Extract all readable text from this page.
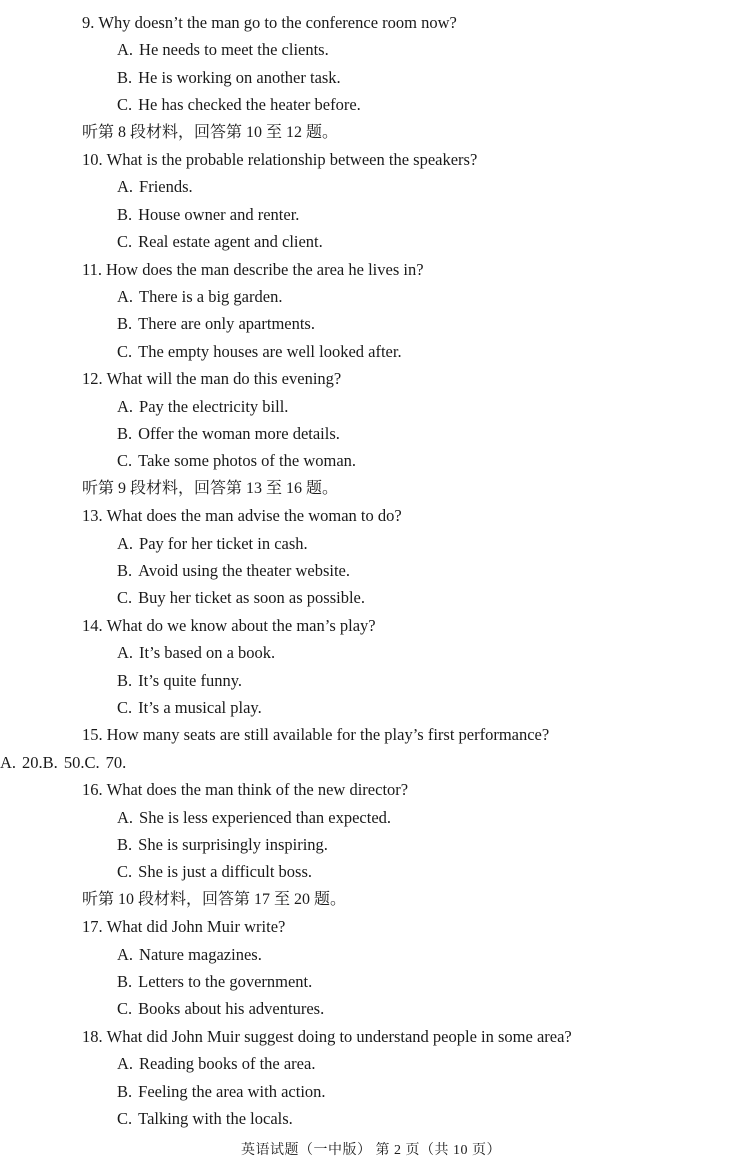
9. Why doesn’t the man go to the conference room now?
A. He needs to meet the clients.
B. He is working on another task.
C. He has checked the heater before.
听第 8 段材料，回答第 10 至 12 题。
10. What is the probable relationship between the speakers?
A. Friends.
B. House owner and renter.
C. Real estate agent and client.
11. How does the man describe the area he lives in?
A. There is a big garden.
B. There are only apartments.
C. The empty houses are well looked after.
12. What will the man do this evening?
A. Pay the electricity bill.
B. Offer the woman more details.
C. Take some photos of the woman.
听第 9 段材料，回答第 13 至 16 题。
13. What does the man advise the woman to do?
A. Pay for her ticket in cash.
B. Avoid using the theater website.
C. Buy her ticket as soon as possible.
14. What do we know about the man’s play?
A. It’s based on a book.
B. It’s quite funny.
C. It’s a musical play.
15. How many seats are still available for the play’s first performance?
A. 20.B. 50.C. 70.
16. What does the man think of the new director?
A. She is less experienced than expected.
B. She is surprisingly inspiring.
C. She is just a difficult boss.
听第 10 段材料，回答第 17 至 20 题。
17. What did John Muir write?
A. Nature magazines.
B. Letters to the government.
C. Books about his adventures.
18. What did John Muir suggest doing to understand people in some area?
A. Reading books of the area.
B. Feeling the area with action.
C. Talking with the locals.
英语试题（一中版） 第 2 页（共 10 页）
